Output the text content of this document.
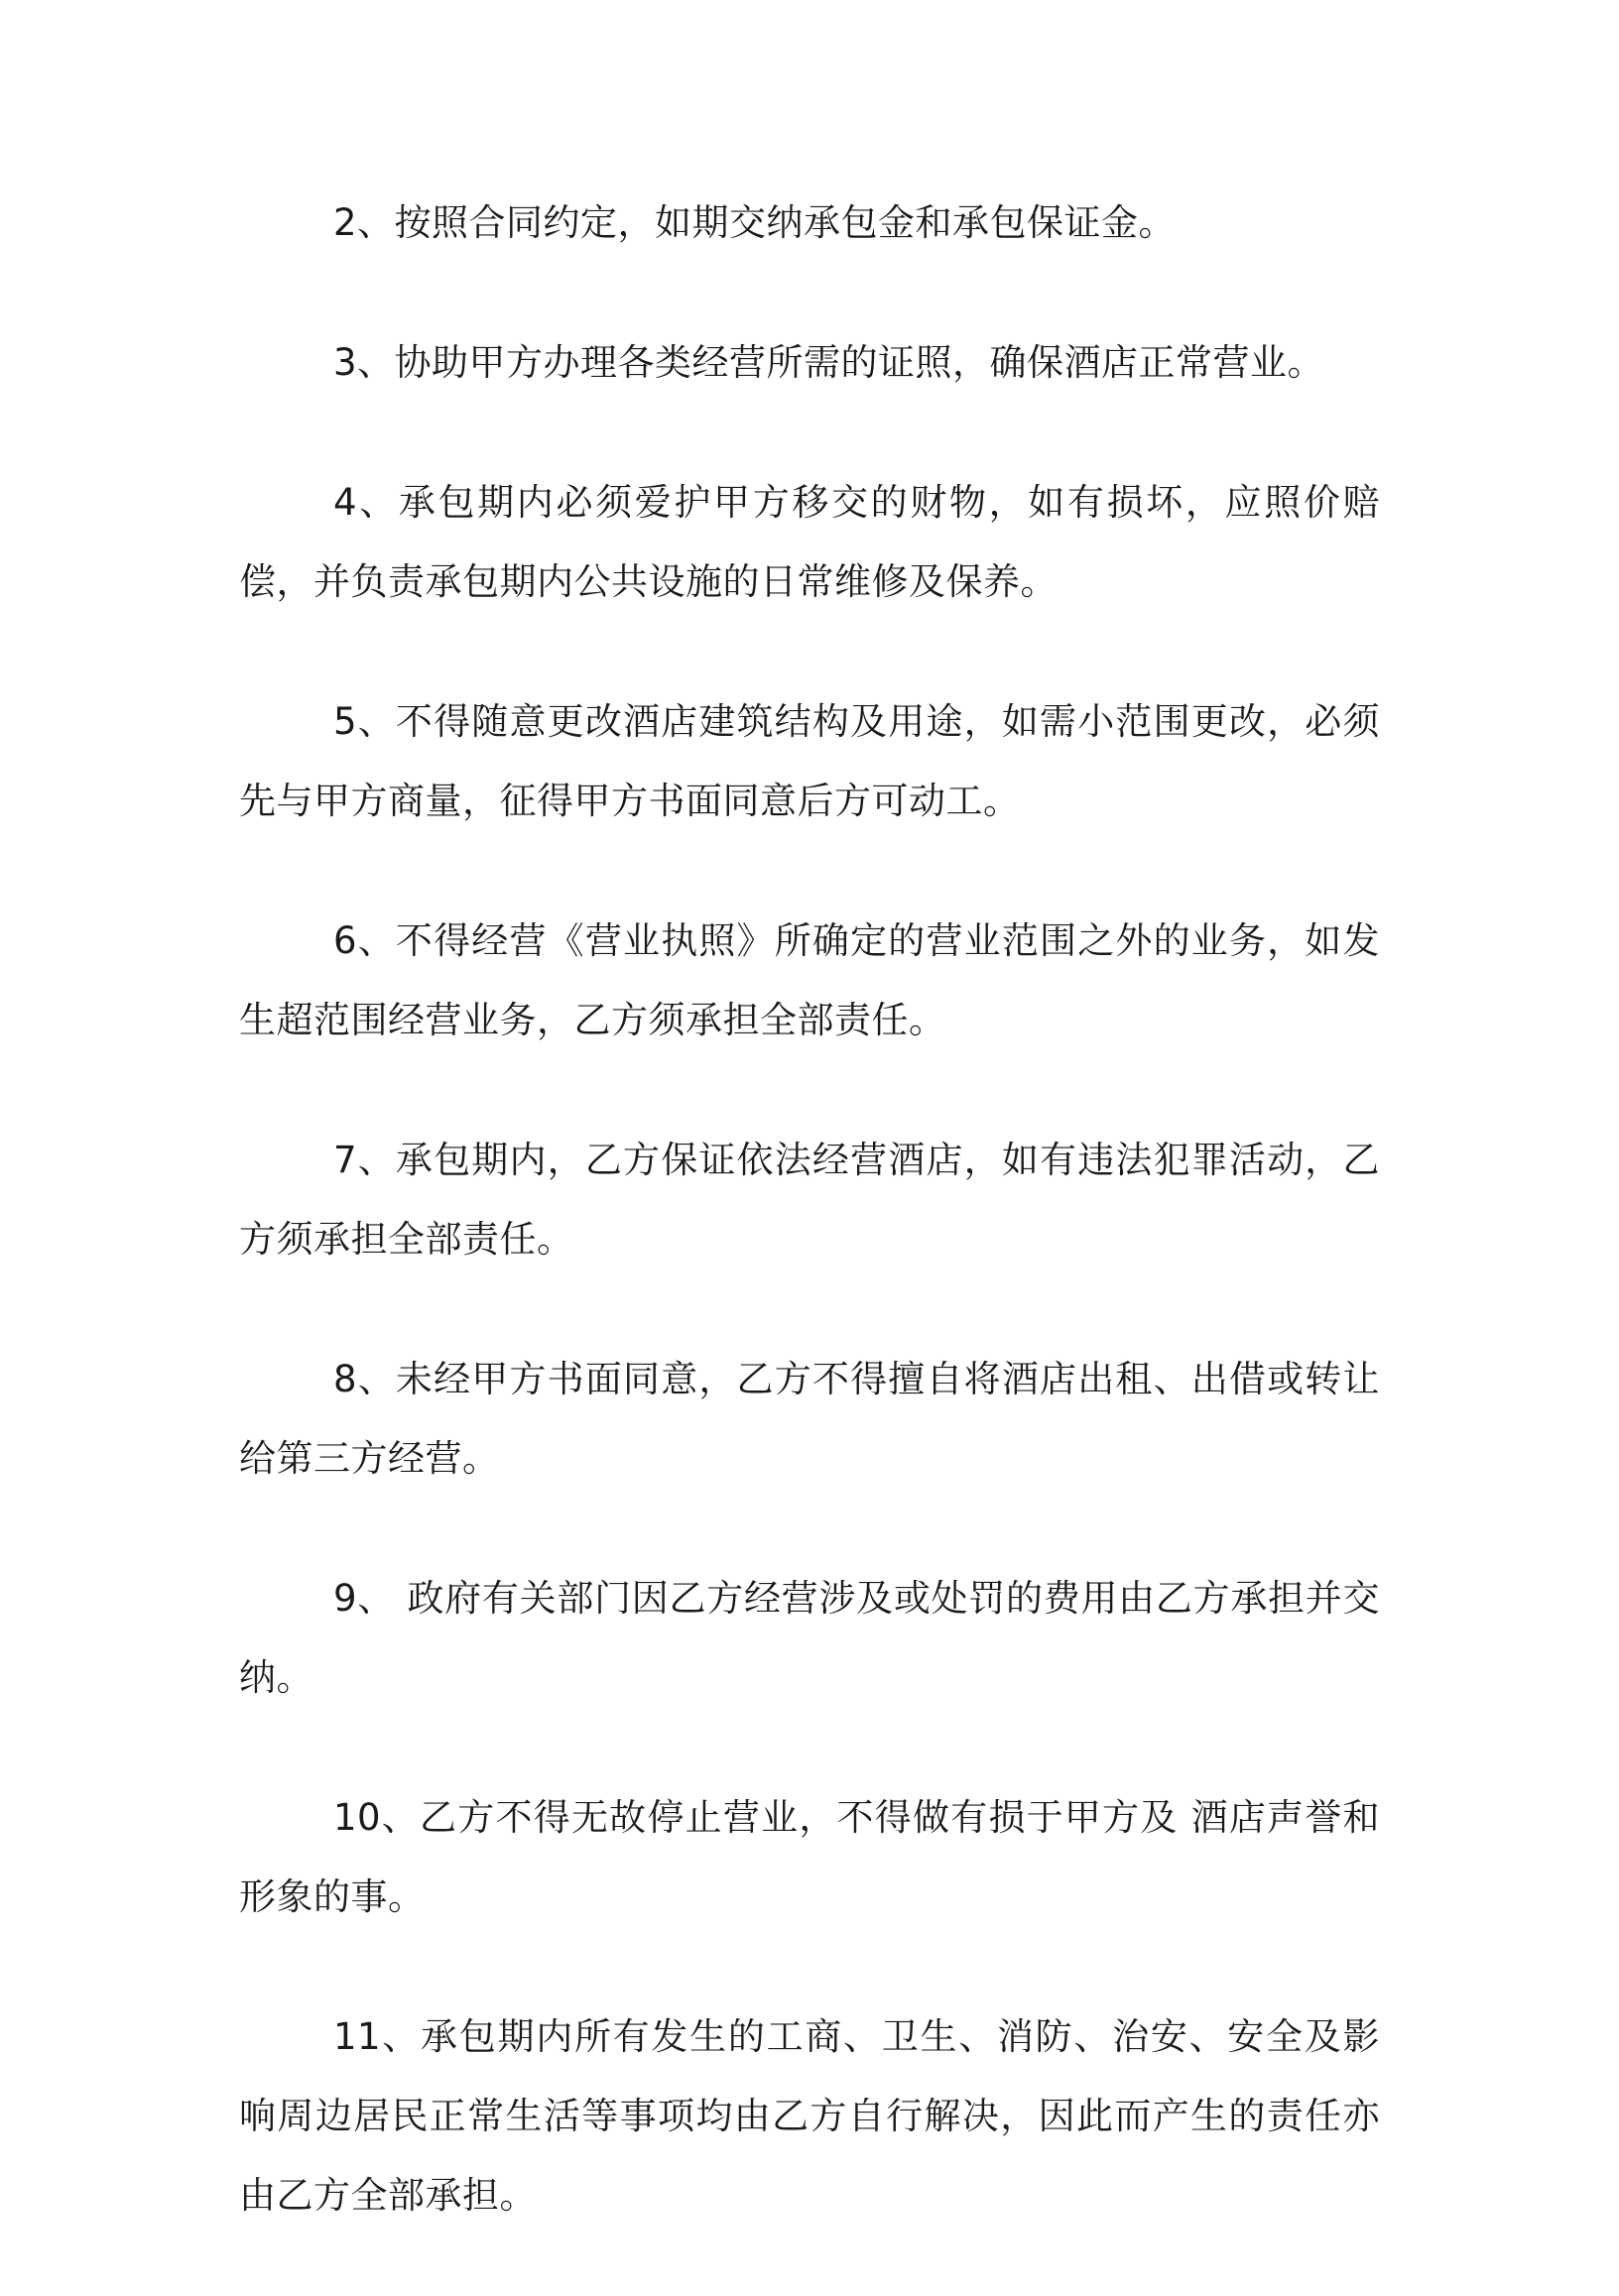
2、按照合同约定，如期交纳承包金和承包保证金。

3、协助甲方办理各类经营所需的证照，确保酒店正常营业。

4、承包期内必须爱护甲方移交的财物，如有损坏，应照价赔偿，并负责承包期内公共设施的日常维修及保养。

5、不得随意更改酒店建筑结构及用途，如需小范围更改，必须先与甲方商量，征得甲方书面同意后方可动工。

6、不得经营《营业执照》所确定的营业范围之外的业务，如发生超范围经营业务，乙方须承担全部责任。

7、承包期内，乙方保证依法经营酒店，如有违法犯罪活动，乙方须承担全部责任。

8、未经甲方书面同意，乙方不得擅自将酒店出租、出借或转让给第三方经营。

9、 政府有关部门因乙方经营涉及或处罚的费用由乙方承担并交纳。

10、乙方不得无故停止营业，不得做有损于甲方及 酒店声誉和形象的事。

11、承包期内所有发生的工商、卫生、消防、治安、安全及影响周边居民正常生活等事项均由乙方自行解决，因此而产生的责任亦由乙方全部承担。
